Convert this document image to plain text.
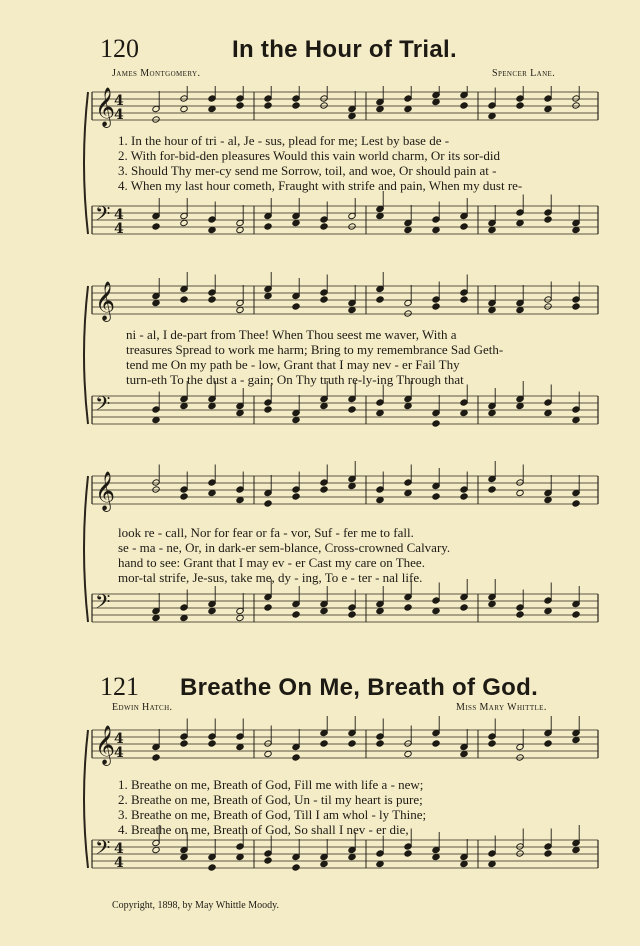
120	In the Hour of Trial.
James Montgomery.	Spencer Lane.
𝄞
4
4
𝄢 4
4
1. In the hour of tri - al, Je - sus, plead for me; Lest by base de -
2. With for-bid-den pleasures Would this vain world charm, Or its sor-did
3. Should Thy mer-cy send me Sorrow, toil, and woe, Or should pain at -
4. When my last hour cometh, Fraught with strife and pain, When my dust re-
𝄞
𝄢
ni - al, I de-part from Thee! When Thou seest me waver, With a
treasures Spread to work me harm; Bring to my remembrance Sad Geth-
tend me On my path be - low, Grant that I may nev - er Fail Thy
turn-eth To the dust a - gain; On Thy truth re-ly-ing Through that
𝄞
𝄢
look re - call, Nor for fear or fa - vor, Suf - fer me to fall.
se - ma - ne, Or, in dark-er sem-blance, Cross-crowned Calvary.
hand to see: Grant that I may ev - er Cast my care on Thee.
mor-tal strife, Je-sus, take me, dy - ing, To e - ter - nal life.
121 Breathe On Me, Breath of God.
Edwin Hatch.	Miss Mary Whittle.
𝄞
4
4
𝄢 4
4
1. Breathe on me, Breath of God, Fill me with life a - new;
2. Breathe on me, Breath of God, Un - til my heart is pure;
3. Breathe on me, Breath of God, Till I am whol - ly Thine;
4. Breathe on me, Breath of God, So shall I nev - er die,
Copyright, 1898, by May Whittle Moody.
